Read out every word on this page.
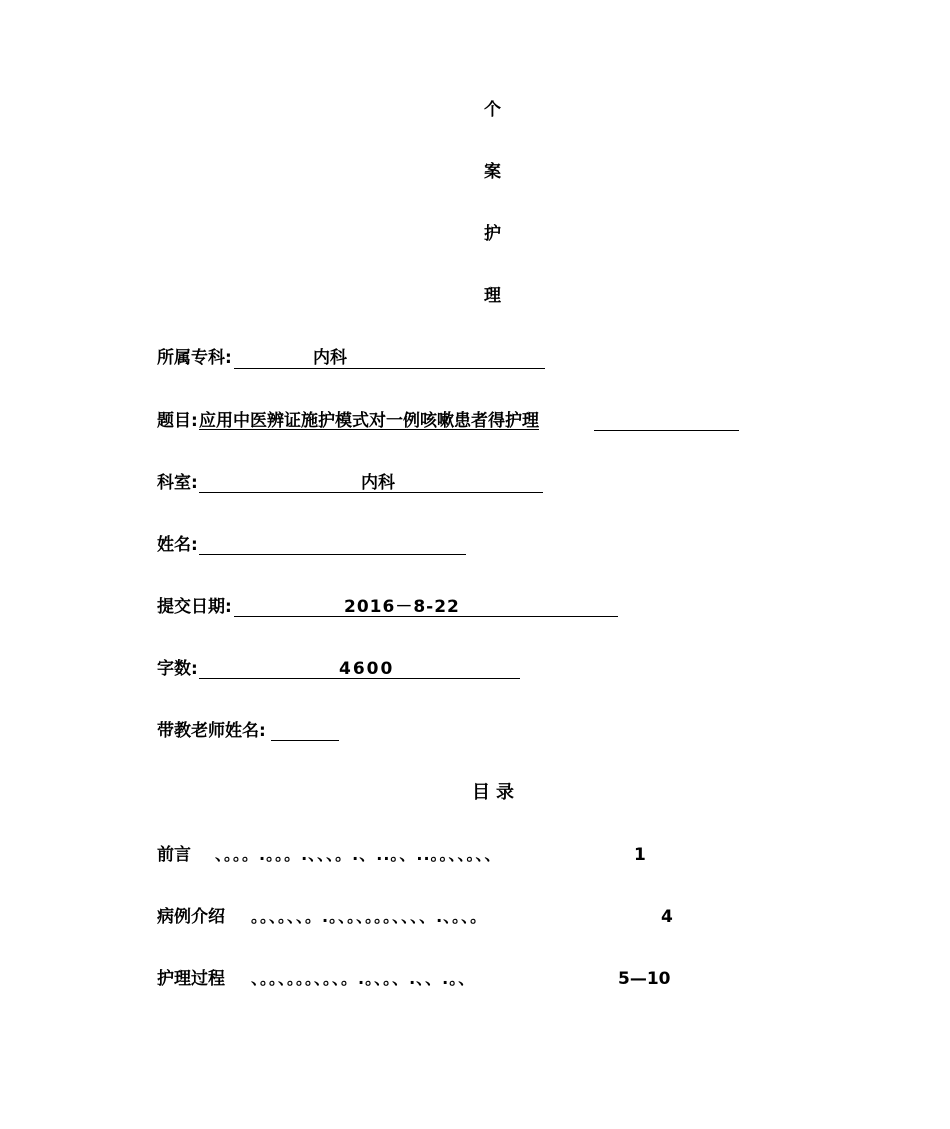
个
案
护
理
所属专科:	内科
题目: 应用中医辨证施护模式对一例咳嗽患者得护理
科室:	内科
姓名:
提交日期:	2016－8-22
字数:	4600
带教老师姓名:
目录
前言 、。。。.。。。.、、、。.、..。、..。。、、。、、	1
病例介绍 。。、。、、。.。、。、。。。、、、、.、。、。	4
护理过程 、。。、。。。、。、。.。、。、.、、.。、	5—10
